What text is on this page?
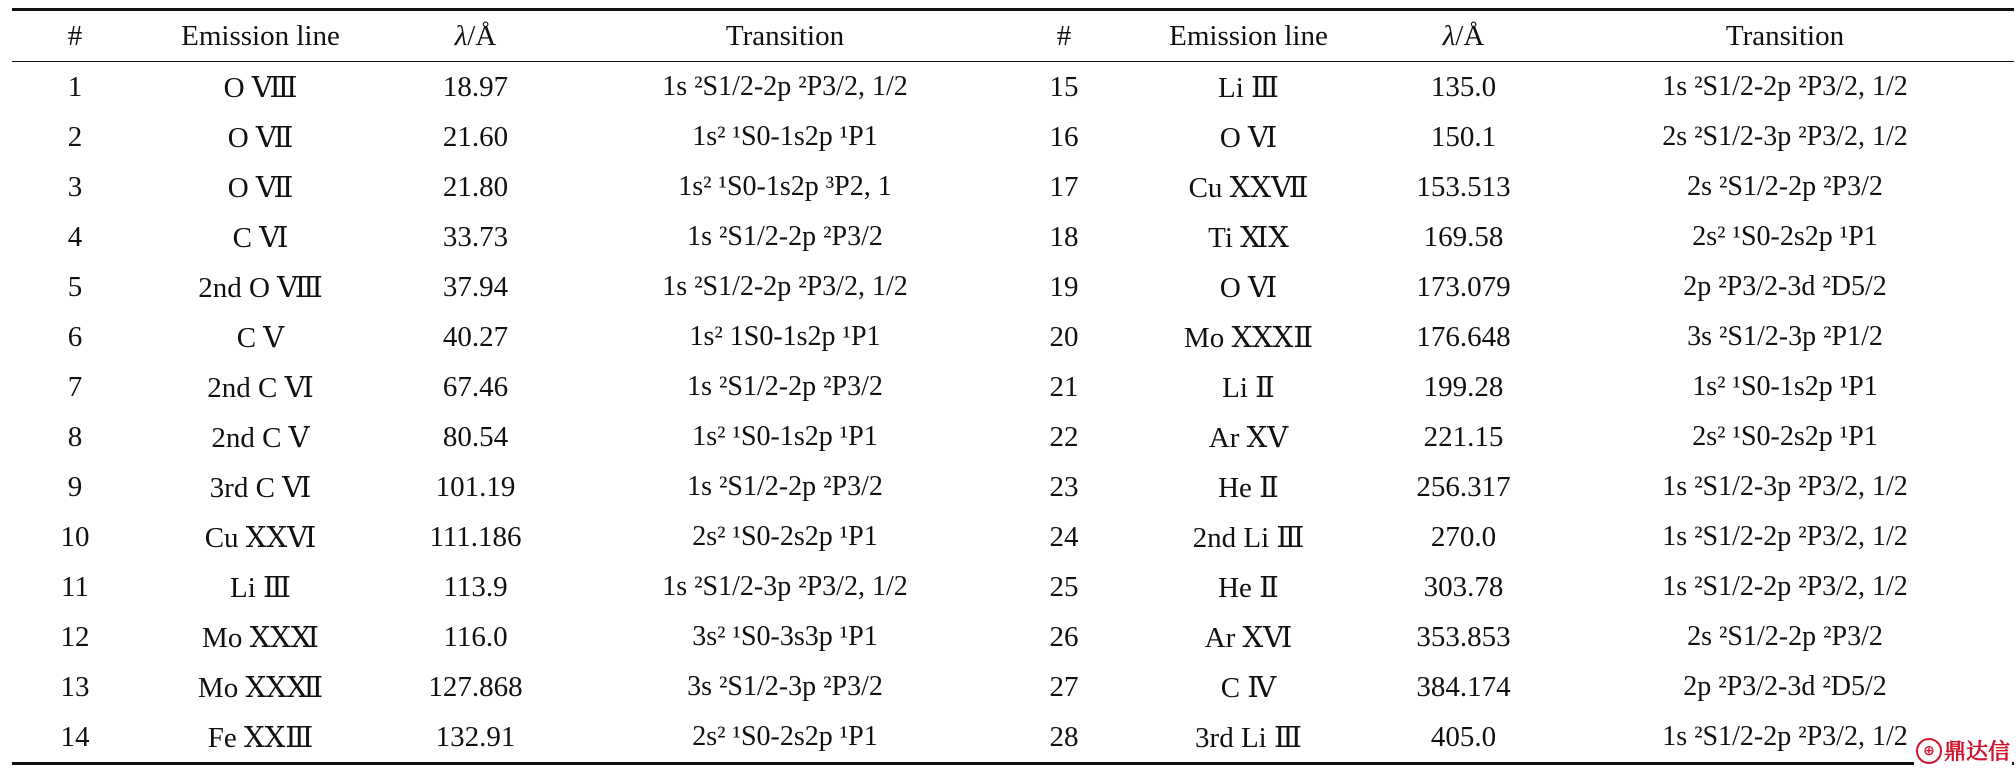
#	Emission line	λ/Å	Transition	#	Emission line	λ/Å	Transition
1	O Ⅷ	18.97	1s ²S1/2-2p ²P3/2, 1/2	15	Li Ⅲ	135.0	1s ²S1/2-2p ²P3/2, 1/2
2	O Ⅶ	21.60	1s² ¹S0-1s2p ¹P1	16	O Ⅵ	150.1	2s ²S1/2-3p ²P3/2, 1/2
3	O Ⅶ	21.80	1s² ¹S0-1s2p ³P2, 1	17	Cu ⅩⅩⅦ	153.513	2s ²S1/2-2p ²P3/2
4	C Ⅵ	33.73	1s ²S1/2-2p ²P3/2	18	Ti ⅪⅩ	169.58	2s² ¹S0-2s2p ¹P1
5	2nd O Ⅷ	37.94	1s ²S1/2-2p ²P3/2, 1/2	19	O Ⅵ	173.079	2p ²P3/2-3d ²D5/2
6	C Ⅴ	40.27	1s² 1S0-1s2p ¹P1	20	Mo ⅩⅩⅩⅡ	176.648	3s ²S1/2-3p ²P1/2
7	2nd C Ⅵ	67.46	1s ²S1/2-2p ²P3/2	21	Li Ⅱ	199.28	1s² ¹S0-1s2p ¹P1
8	2nd C Ⅴ	80.54	1s² ¹S0-1s2p ¹P1	22	Ar ⅩⅤ	221.15	2s² ¹S0-2s2p ¹P1
9	3rd C Ⅵ	101.19	1s ²S1/2-2p ²P3/2	23	He Ⅱ	256.317	1s ²S1/2-3p ²P3/2, 1/2
10	Cu ⅩⅩⅥ	111.186	2s² ¹S0-2s2p ¹P1	24	2nd Li Ⅲ	270.0	1s ²S1/2-2p ²P3/2, 1/2
11	Li Ⅲ	113.9	1s ²S1/2-3p ²P3/2, 1/2	25	He Ⅱ	303.78	1s ²S1/2-2p ²P3/2, 1/2
12	Mo ⅩⅩⅪ	116.0	3s² ¹S0-3s3p ¹P1	26	Ar ⅩⅥ	353.853	2s ²S1/2-2p ²P3/2
13	Mo ⅩⅩⅫ	127.868	3s ²S1/2-3p ²P3/2	27	C Ⅳ	384.174	2p ²P3/2-3d ²D5/2
14	Fe ⅩⅩⅢ	132.91	2s² ¹S0-2s2p ¹P1	28	3rd Li Ⅲ	405.0	1s ²S1/2-2p ²P3/2, 1/2	⊕ 鼎达信
